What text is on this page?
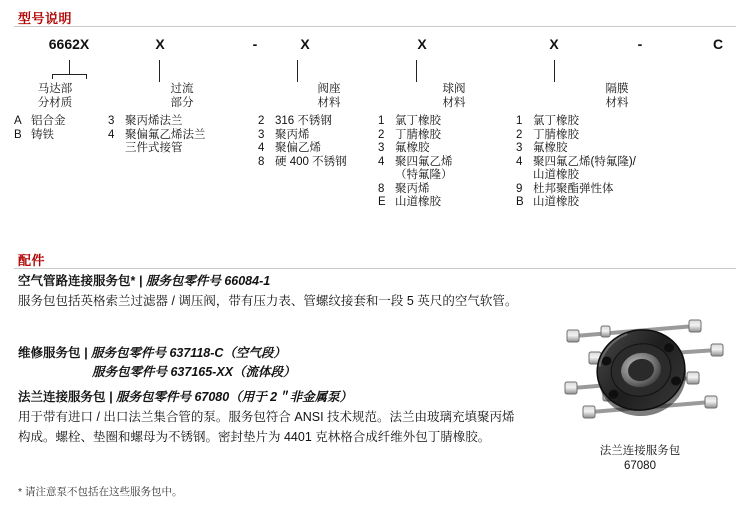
型号说明
6662X	X	-	X	X	X	-	C
马达部
分材质
A 铝合金
B 铸铁
过流
部分
3 聚丙烯法兰
4 聚偏氟乙烯法兰
三件式接管
阀座
材料
2 316 不锈钢
3 聚丙烯
4 聚偏乙烯
8 硬 400 不锈钢
球阀
材料
1 氯丁橡胶
2 丁腈橡胶
3 氟橡胶
4 聚四氟乙烯
（特氟隆）
8 聚丙烯
E 山道橡胶
隔膜
材料
1 氯丁橡胶
2 丁腈橡胶
3 氟橡胶
4 聚四氟乙烯(特氟隆)/
山道橡胶
9 杜邦聚酯弹性体
B 山道橡胶
配件
空气管路连接服务包* | 服务包零件号 66084-1
服务包包括英格索兰过滤器 / 调压阀，带有压力表、管螺纹接套和一段 5 英尺的空气软管。
维修服务包 | 服务包零件号 637118-C（空气段）
服务包零件号 637165-XX（流体段）
法兰连接服务包 | 服务包零件号 67080（用于 2＂非金属泵）
用于带有进口 / 出口法兰集合管的泵。服务包符合 ANSI 技术规范。法兰由玻璃充填聚丙烯构成。螺栓、垫圈和螺母为不锈钢。密封垫片为 4401 克林格合成纤维外包丁腈橡胶。
* 请注意泵不包括在这些服务包中。
法兰连接服务包
67080
